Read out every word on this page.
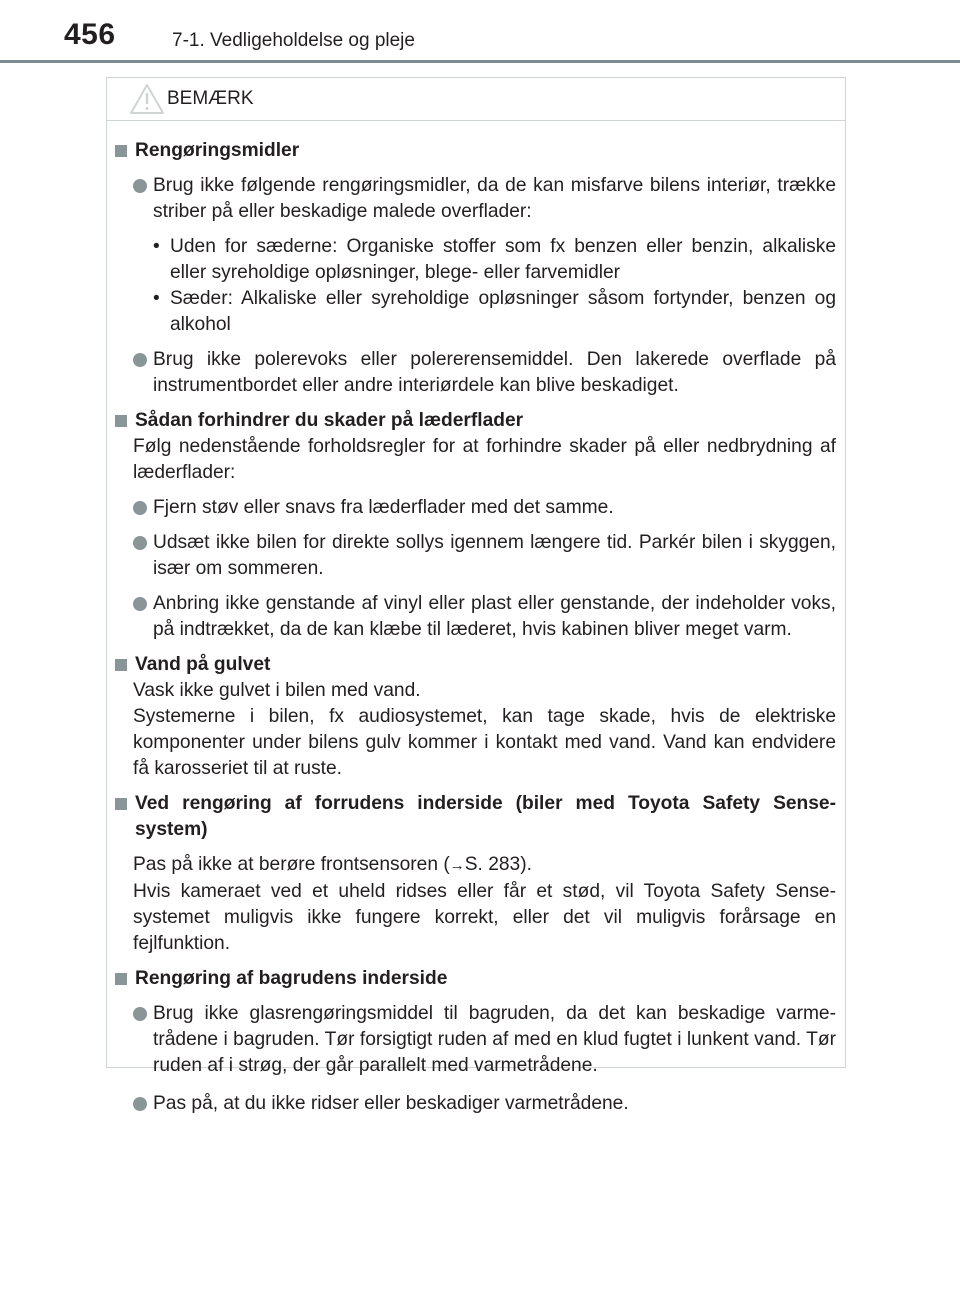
456	7-1. Vedligeholdelse og pleje
BEMÆRK
Rengøringsmidler
Brug ikke følgende rengøringsmidler, da de kan misfarve bilens interiør, trække striber på eller beskadige malede overflader:
• Uden for sæderne: Organiske stoffer som fx benzen eller benzin, alkaliske eller syreholdige opløsninger, blege- eller farvemidler
• Sæder: Alkaliske eller syreholdige opløsninger såsom fortynder, benzen og alkohol
Brug ikke polerevoks eller polererensemiddel. Den lakerede overflade på instrumentbordet eller andre interiørdele kan blive beskadiget.
Sådan forhindrer du skader på læderflader
Følg nedenstående forholdsregler for at forhindre skader på eller nedbrydning af læderflader:
Fjern støv eller snavs fra læderflader med det samme.
Udsæt ikke bilen for direkte sollys igennem længere tid. Parkér bilen i skyggen, især om sommeren.
Anbring ikke genstande af vinyl eller plast eller genstande, der indeholder voks, på indtrækket, da de kan klæbe til læderet, hvis kabinen bliver meget varm.
Vand på gulvet
Vask ikke gulvet i bilen med vand.
Systemerne i bilen, fx audiosystemet, kan tage skade, hvis de elektriske komponenter under bilens gulv kommer i kontakt med vand. Vand kan endvidere få karosseriet til at ruste.
Ved rengøring af forrudens inderside (biler med Toyota Safety Sense-system)
Pas på ikke at berøre frontsensoren (→S. 283).
Hvis kameraet ved et uheld ridses eller får et stød, vil Toyota Safety Sense-systemet muligvis ikke fungere korrekt, eller det vil muligvis forårsage en fejlfunktion.
Rengøring af bagrudens inderside
Brug ikke glasrengøringsmiddel til bagruden, da det kan beskadige varmetrådene i bagruden. Tør forsigtigt ruden af med en klud fugtet i lunkent vand. Tør ruden af i strøg, der går parallelt med varmetrådene.
Pas på, at du ikke ridser eller beskadiger varmetrådene.
